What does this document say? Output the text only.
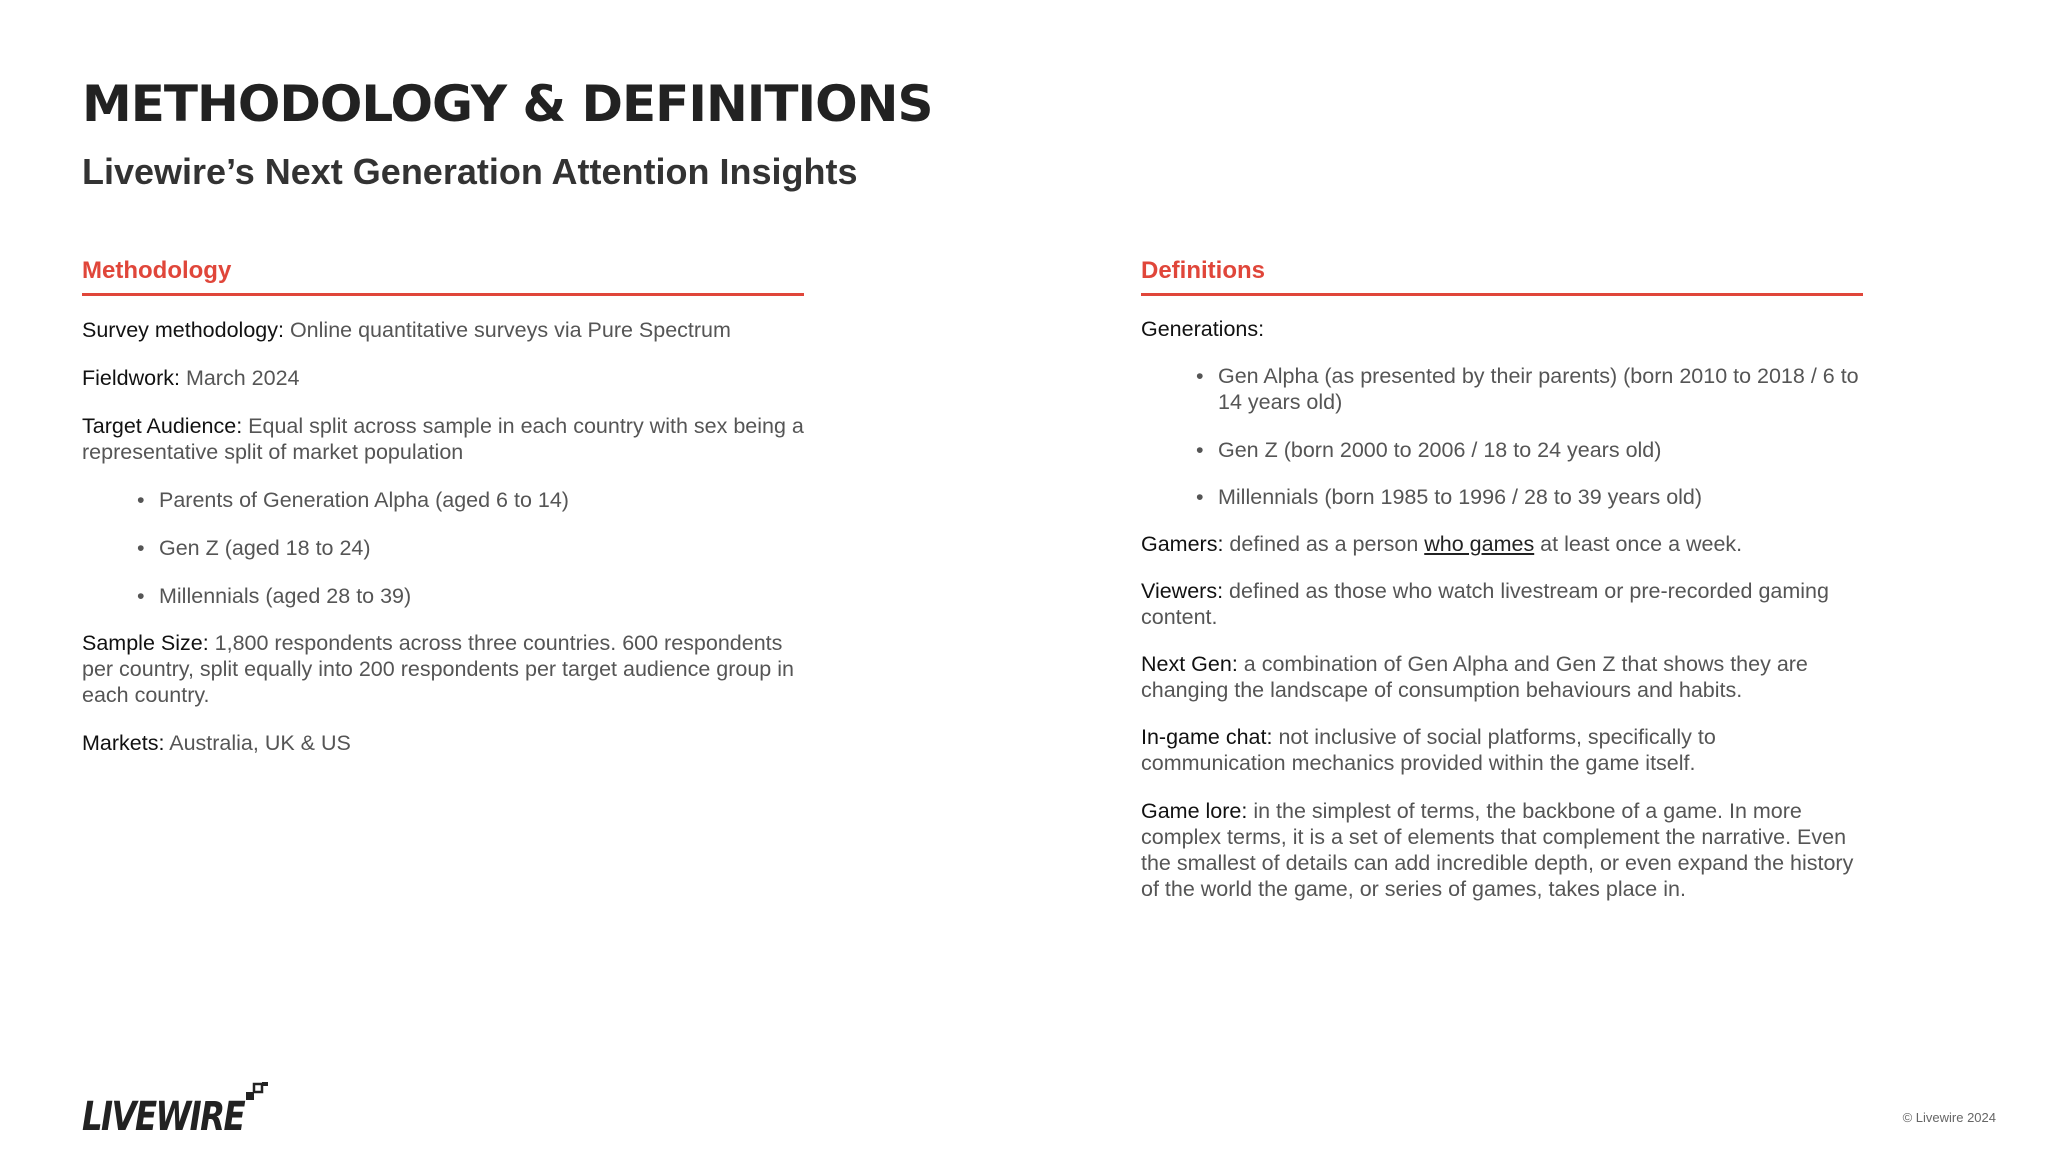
METHODOLOGY & DEFINITIONS
Livewire’s Next Generation Attention Insights
Methodology

Survey methodology: Online quantitative surveys via Pure Spectrum

Fieldwork: March 2024

Target Audience: Equal split across sample in each country with sex being a representative split of market population

• Parents of Generation Alpha (aged 6 to 14)
• Gen Z (aged 18 to 24)
• Millennials (aged 28 to 39)

Sample Size: 1,800 respondents across three countries. 600 respondents per country, split equally into 200 respondents per target audience group in each country.

Markets: Australia, UK & US

Definitions

Generations:

• Gen Alpha (as presented by their parents) (born 2010 to 2018 / 6 to 14 years old)
• Gen Z (born 2000 to 2006 / 18 to 24 years old)
• Millennials (born 1985 to 1996 / 28 to 39 years old)

Gamers: defined as a person who games at least once a week.

Viewers: defined as those who watch livestream or pre-recorded gaming content.

Next Gen: a combination of Gen Alpha and Gen Z that shows they are changing the landscape of consumption behaviours and habits.

In-game chat: not inclusive of social platforms, specifically to communication mechanics provided within the game itself.

Game lore: in the simplest of terms, the backbone of a game. In more complex terms, it is a set of elements that complement the narrative. Even the smallest of details can add incredible depth, or even expand the history of the world the game, or series of games, takes place in.

LIVEWIRE	© Livewire 2024
